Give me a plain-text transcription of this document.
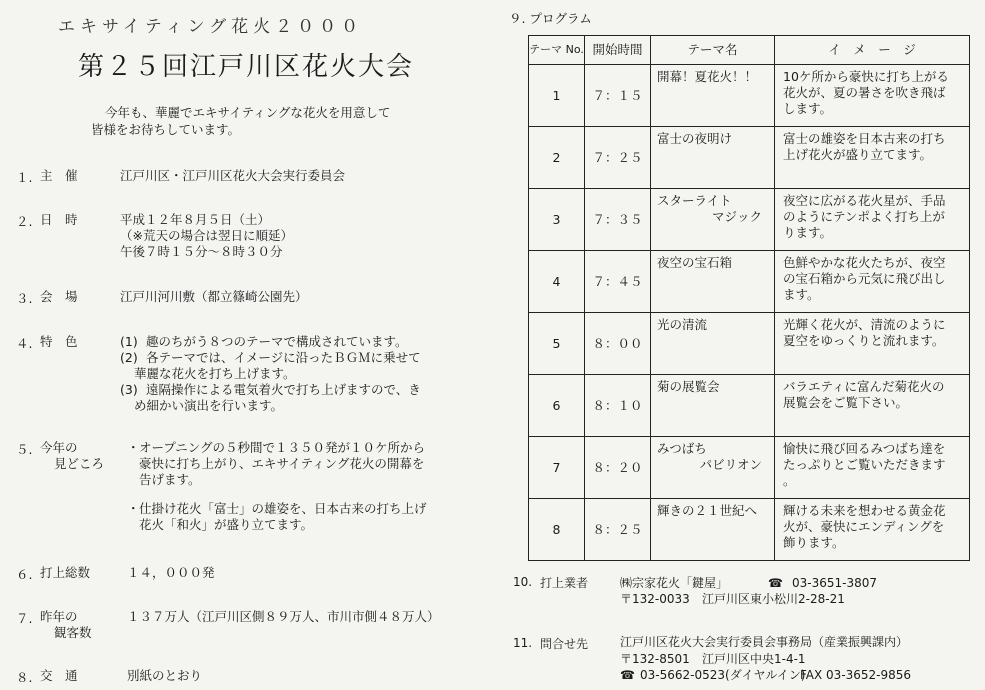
エキサイティング花火２０００
第２５回江戸川区花火大会
今年も、華麗でエキサイティングな花火を用意して
皆様をお待ちしています。
１. 主　催	江戸川区・江戸川区花火大会実行委員会
２. 日　時	平成１２年８月５日（土）
（※荒天の場合は翌日に順延）
午後７時１５分～８時３０分
３. 会　場	江戸川河川敷（都立篠崎公園先）
４. 特　色	(1) 趣のちがう８つのテーマで構成されています。
(2) 各テーマでは、イメージに沿ったＢＧＭに乗せて
華麗な花火を打ち上げます。
(3) 遠隔操作による電気着火で打ち上げますので、き
め細かい演出を行います。
５. 今年の
見どころ
・ オープニングの５秒間で１３５０発が１０ケ所から
豪快に打ち上がり、エキサイティング花火の開幕を
告げます。
・ 仕掛け花火「富士」の雄姿を、日本古来の打ち上げ
花火「和火」が盛り立てます。
６. 打上総数	１４，０００発
７. 昨年の
観客数
１３７万人（江戸川区側８９万人、市川市側４８万人）
８. 交　通	別紙のとおり
９. プログラム
テーマ No.	開始時間	テーマ名	イ　メ　ー　ジ
1	７：１５	開幕！夏花火！！	10ケ所から豪快に打ち上がる
花火が、夏の暑さを吹き飛ば
します。
2	７：２５	富士の夜明け	富士の雄姿を日本古来の打ち
上げ花火が盛り立てます。
3	７：３５	スターライト
マジック	夜空に広がる花火星が、手品
のようにテンポよく打ち上が
ります。
4	７：４５	夜空の宝石箱	色鮮やかな花火たちが、夜空
の宝石箱から元気に飛び出し
ます。
5	８：００	光の清流	光輝く花火が、清流のように
夏空をゆっくりと流れます。
6	８：１０	菊の展覧会	バラエティに富んだ菊花火の
展覧会をご覧下さい。
7	８：２０	みつばち
パビリオン	愉快に飛び回るみつばち達を
たっぷりとご覧いただきます
。
8	８：２５	輝きの２１世紀へ	輝ける未来を想わせる黄金花
火が、豪快にエンディングを
飾ります。
10. 打上業者	㈱宗家花火「鍵屋」	☎ 03-3651-3807
〒132-0033 江戸川区東小松川2-28-21
11. 問合せ先	江戸川区花火大会実行委員会事務局（産業振興課内）
〒132-8501 江戸川区中央1-4-1
☎ 03-5662-0523(ダイヤルイン)
FAX 03-3652-9856
